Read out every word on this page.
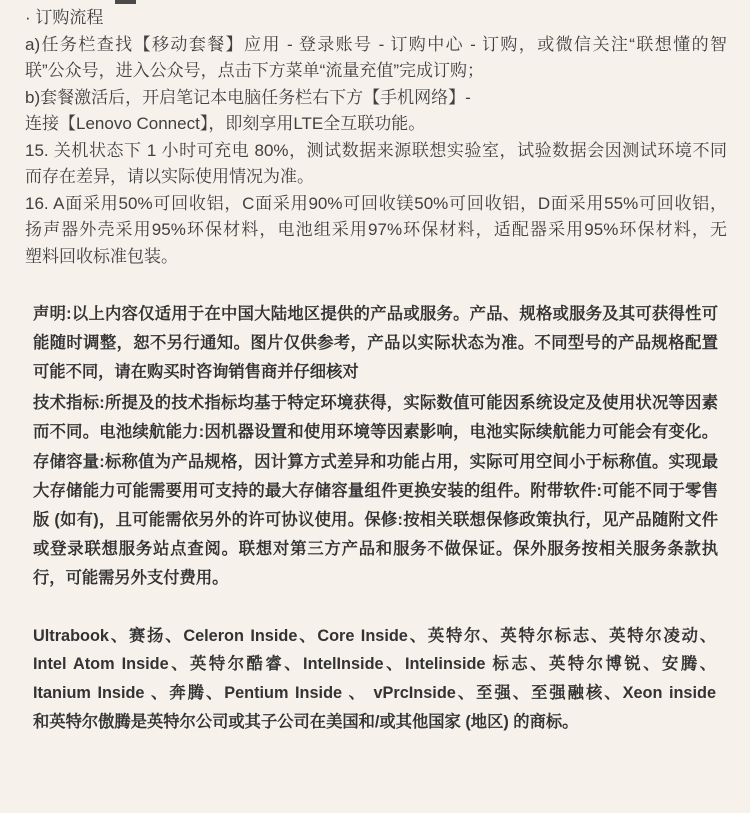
· 订购流程
a)任务栏查找【移动套餐】应用 - 登录账号 - 订购中心 - 订购，或微信关注“联想懂的智
联”公众号，进入公众号，点击下方菜单“流量充值”完成订购；
b)套餐激活后，开启笔记本电脑任务栏右下方【手机网络】-
连接【Lenovo Connect】，即刻享用LTE全互联功能。
15. 关机状态下 1 小时可充电 80%，测试数据来源联想实验室，试验数据会因测试环境不同
而存在差异，请以实际使用情况为准。
16. A面采用50%可回收铝，C面采用90%可回收镁50%可回收铝，D面采用55%可回收铝，
扬声器外壳采用95%环保材料，电池组采用97%环保材料，适配器采用95%环保材料，无
塑料回收标准包装。
声明:以上内容仅适用于在中国大陆地区提供的产品或服务。产品、规格或服务及其可获得性可
能随时调整，恕不另行通知。图片仅供参考，产品以实际状态为准。不同型号的产品规格配置
可能不同，请在购买时咨询销售商并仔细核对
技术指标:所提及的技术指标均基于特定环境获得，实际数值可能因系统设定及使用状况等因素
而不同。电池续航能力:因机器设置和使用环境等因素影响，电池实际续航能力可能会有变化。
存储容量:标称值为产品规格，因计算方式差异和功能占用，实际可用空间小于标称值。实现最
大存储能力可能需要用可支持的最大存储容量组件更换安装的组件。附带软件:可能不同于零售
版 (如有)，且可能需依另外的许可协议使用。保修:按相关联想保修政策执行，见产品随附文件
或登录联想服务站点查阅。联想对第三方产品和服务不做保证。保外服务按相关服务条款执
行，可能需另外支付费用。
Ultrabook、赛扬、Celeron Inside、Core Inside、英特尔、英特尔标志、英特尔凌动、
Intel Atom Inside、英特尔酷睿、IntelInside、Intelinside 标志、英特尔博锐、安腾、
Itanium Inside 、奔腾、Pentium Inside 、 vPrcInside、至强、至强融核、Xeon inside
和英特尔傲腾是英特尔公司或其子公司在美国和/或其他国家 (地区) 的商标。
